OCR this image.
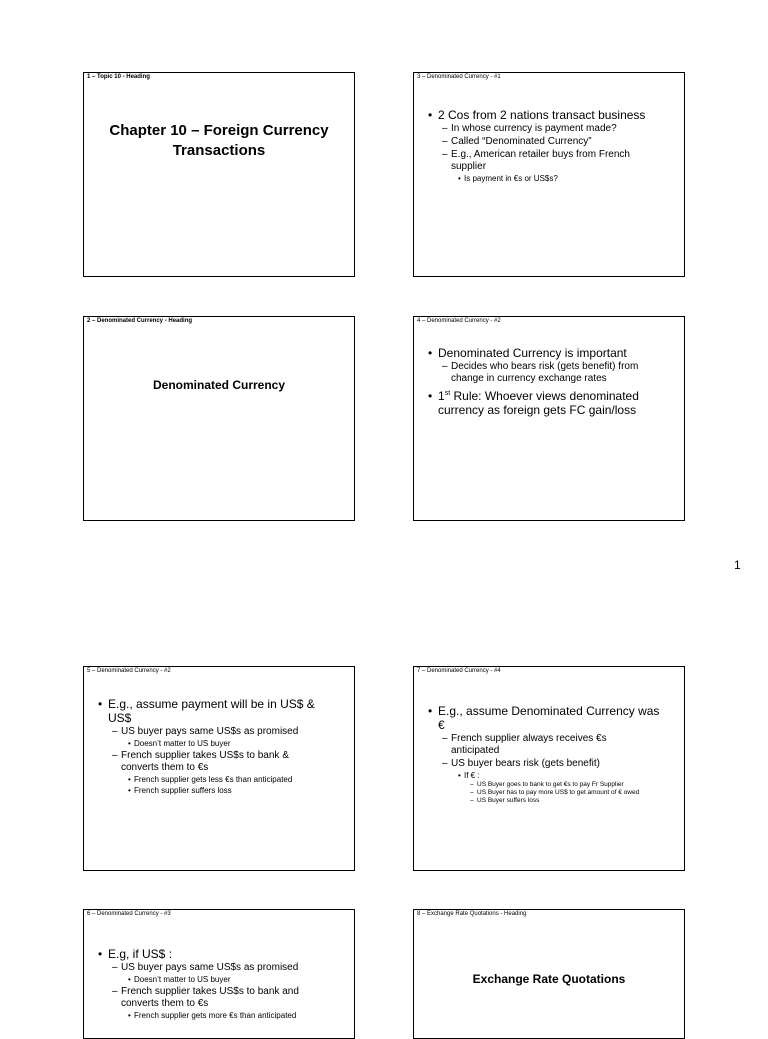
1 – Topic 10 - Heading
Chapter 10 – Foreign Currency
Transactions
3 – Denominated Currency - #1
• 2 Cos from 2 nations transact business
– In whose currency is payment made?
– Called “Denominated Currency”
– E.g., American retailer buys from French supplier
• Is payment in €s or US$s?
2 – Denominated Currency - Heading
Denominated Currency
4 – Denominated Currency - #2
• Denominated Currency is important
– Decides who bears risk (gets benefit) from change in currency exchange rates
• 1st Rule: Whoever views denominated currency as foreign gets FC gain/loss
1
5 – Denominated Currency - #2
• E.g., assume payment will be in US$ & US$
– US buyer pays same US$s as promised
• Doesn’t matter to US buyer
– French supplier takes US$s to bank & converts them to €s
• French supplier gets less €s than anticipated
• French supplier suffers loss
7 – Denominated Currency - #4
• E.g., assume Denominated Currency was €
– French supplier always receives €s anticipated
– US buyer bears risk (gets benefit)
• If € :
– US Buyer goes to bank to get €s to pay Fr Supplier
– US Buyer has to pay more US$ to get amount of € owed
– US Buyer suffers loss
6 – Denominated Currency - #3
• E.g, if US$ :
– US buyer pays same US$s as promised
• Doesn’t matter to US buyer
– French supplier takes US$s to bank and converts them to €s
• French supplier gets more €s than anticipated
8 – Exchange Rate Quotations - Heading
Exchange Rate Quotations
